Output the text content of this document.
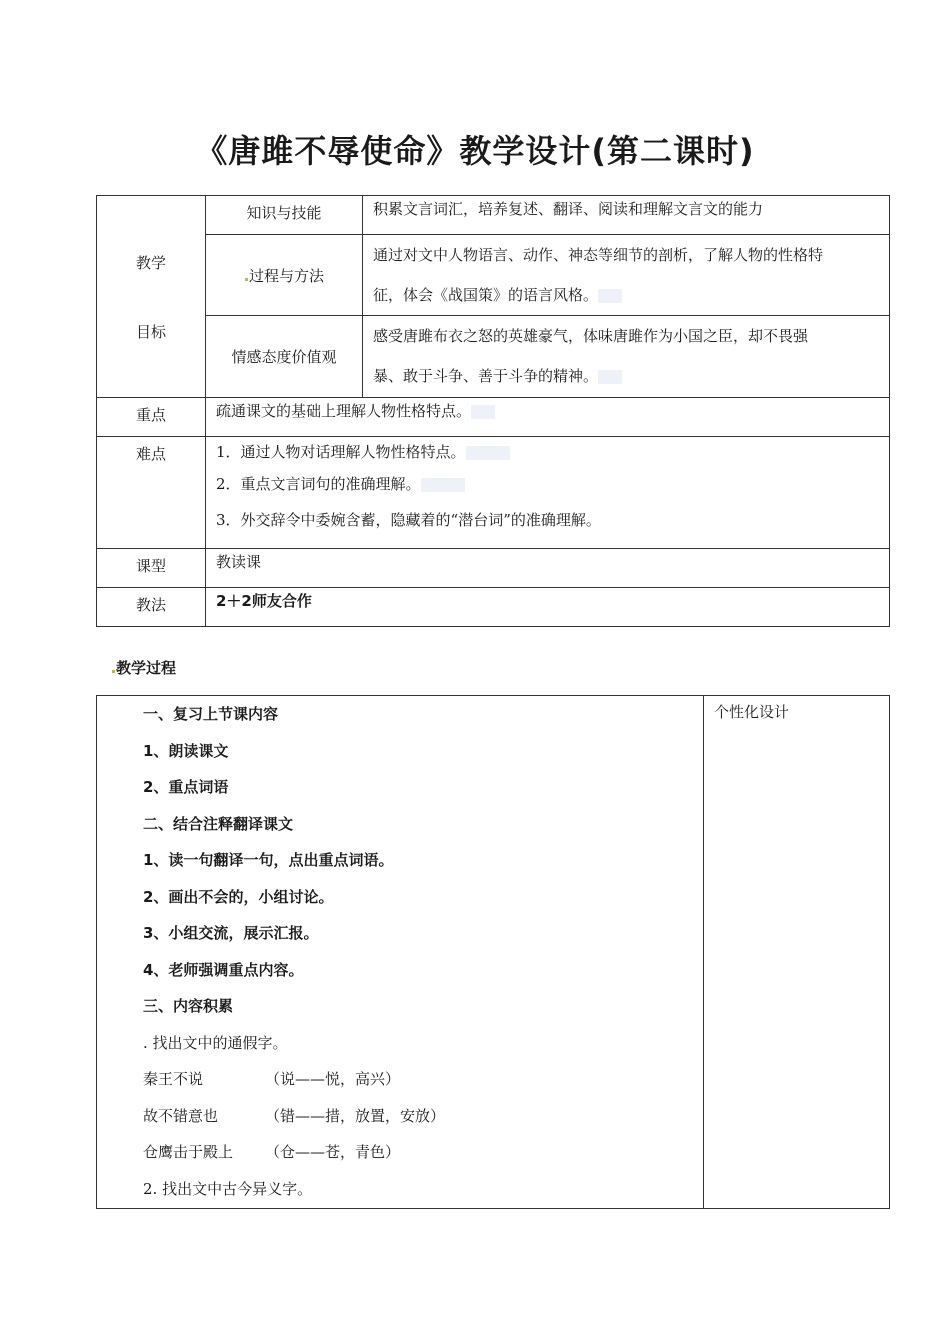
《唐雎不辱使命》教学设计(第二课时)
教学
目标	知识与技能	积累文言词汇，培养复述、翻译、阅读和理解文言文的能力
	过程与方法	通过对文中人物语言、动作、神态等细节的剖析，了解人物的性格特
征，体会《战国策》的语言风格。

	情感态度价值观	感受唐雎布衣之怒的英雄豪气，体味唐雎作为小国之臣，却不畏强
暴、敢于斗争、善于斗争的精神。

重点	疏通课文的基础上理解人物性格特点。	
难点	1．通过人物对话理解人物性格特点。
2．重点文言词句的准确理解。
3．外交辞令中委婉含蓄，隐藏着的“潜台词”的准确理解。	

课型	教读课	
教法	2＋2师友合作	
教学过程
一、复习上节课内容
1、朗读课文
2、重点词语
二、结合注释翻译课文
1、读一句翻译一句，点出重点词语。
2、画出不会的，小组讨论。
3、小组交流，展示汇报。
4、老师强调重点内容。
三、内容积累
. 找出文中的通假字。
秦王不说	（说——悦，高兴）
故不错意也	（错——措，放置，安放）
仓鹰击于殿上 （仓——苍，青色）
2. 找出文中古今异义字。
	个性化设计
